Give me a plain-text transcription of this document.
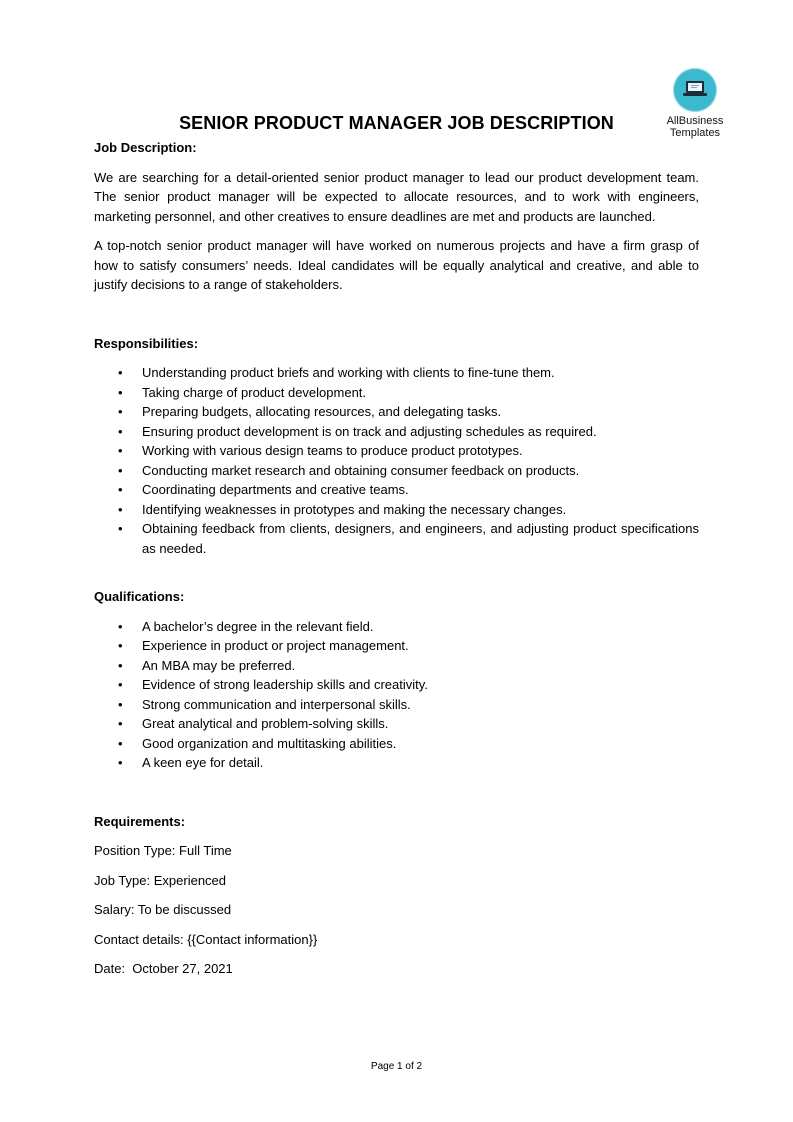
AllBusiness
Templates
SENIOR PRODUCT MANAGER JOB DESCRIPTION

Job Description:

We are searching for a detail-oriented senior product manager to lead our product development team. The senior product manager will be expected to allocate resources, and to work with engineers, marketing personnel, and other creatives to ensure deadlines are met and products are launched.

A top-notch senior product manager will have worked on numerous projects and have a firm grasp of how to satisfy consumers’ needs. Ideal candidates will be equally analytical and creative, and able to justify decisions to a range of stakeholders.

Responsibilities:

• Understanding product briefs and working with clients to fine-tune them.
• Taking charge of product development.
• Preparing budgets, allocating resources, and delegating tasks.
• Ensuring product development is on track and adjusting schedules as required.
• Working with various design teams to produce product prototypes.
• Conducting market research and obtaining consumer feedback on products.
• Coordinating departments and creative teams.
• Identifying weaknesses in prototypes and making the necessary changes.
• Obtaining feedback from clients, designers, and engineers, and adjusting product specifications as needed.

Qualifications:

• A bachelor’s degree in the relevant field.
• Experience in product or project management.
• An MBA may be preferred.
• Evidence of strong leadership skills and creativity.
• Strong communication and interpersonal skills.
• Great analytical and problem-solving skills.
• Good organization and multitasking abilities.
• A keen eye for detail.

Requirements:

Position Type: Full Time

Job Type: Experienced

Salary: To be discussed

Contact details: {{Contact information}}

Date:  October 27, 2021

Page 1 of 2
